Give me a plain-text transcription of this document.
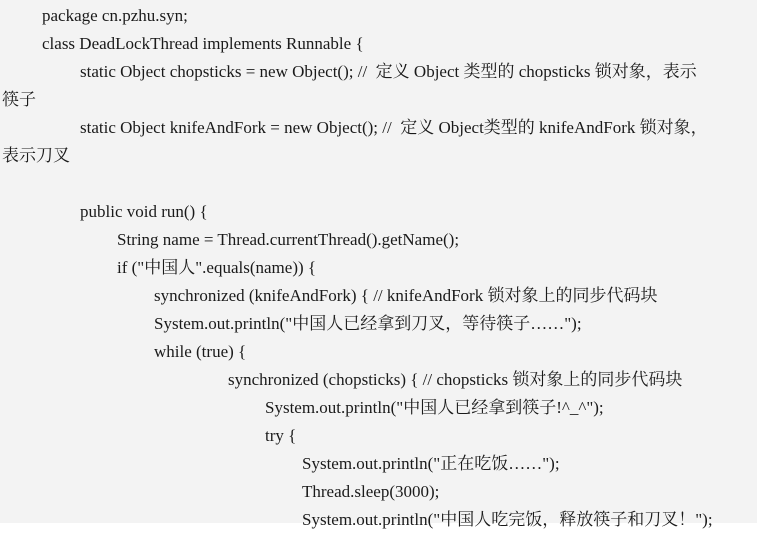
package cn.pzhu.syn;
class DeadLockThread implements Runnable {
static Object chopsticks = new Object(); //  定义 Object 类型的 chopsticks 锁对象，表示
筷子
static Object knifeAndFork = new Object(); //  定义 Object类型的 knifeAndFork 锁对象，
表示刀叉
public void run() {
String name = Thread.currentThread().getName();
if ("中国人".equals(name)) {
synchronized (knifeAndFork) { // knifeAndFork 锁对象上的同步代码块
System.out.println("中国人已经拿到刀叉，等待筷子……");
while (true) {
synchronized (chopsticks) { // chopsticks 锁对象上的同步代码块
System.out.println("中国人已经拿到筷子!^_^");
try {
System.out.println("正在吃饭……");
Thread.sleep(3000);
System.out.println("中国人吃完饭，释放筷子和刀叉！");
